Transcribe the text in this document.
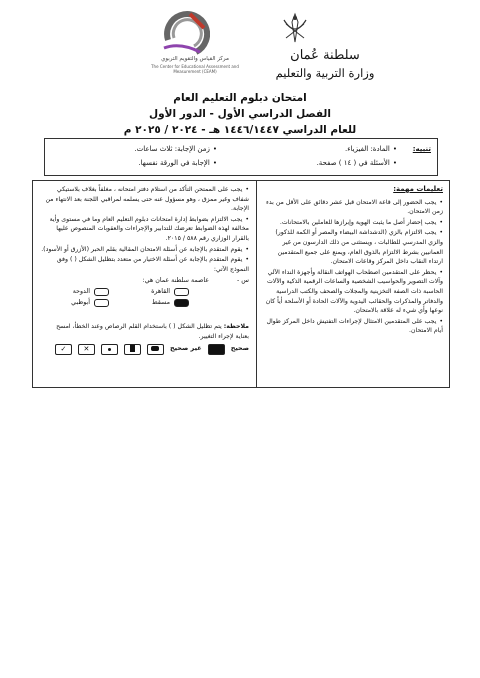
سلطنة عُمان
وزارة التربية والتعليم
مركز القياس والتقويم التربوي
The Center for Educational Assessment and Measurement (CEAM)
امتحان دبلوم التعليم العام
الفصل الدراسي الأول - الدور الأول
للعام الدراسي ١٤٤٦/١٤٤٧ هـ - ٢٠٢٤ / ٢٠٢٥ م
تنبيه:
• المادة: الفيزياء.
• الأسئلة في ( ١٤ ) صفحة.
• زمن الإجابة: ثلاث ساعات.
• الإجابة في الورقة نفسها.

تعليمات مهمة:

• يجب الحضور إلى قاعة الامتحان قبل عشر دقائق على الأقل من بدء زمن الامتحان.

• يجب إحضار أصل ما يثبت الهوية وإبرازها للعاملين بالامتحانات.

• يجب الالتزام بالزي (الدشداشة البيضاء والمصر أو الكمة للذكور) والزي المدرسي للطالبات ، ويستثنى من ذلك الدارسون من غير العمانيين بشرط الالتزام بالذوق العام، ويمنع على جميع المتقدمين ارتداء النقاب داخل المركز وقاعات الامتحان.

• يحظر على المتقدمين اصطحاب الهواتف النقالة وأجهزة النداء الآلي وآلات التصوير والحواسيب الشخصية والساعات الرقمية الذكية والآلات الحاسبة ذات الصفة التخزينية والمجلات والصحف والكتب الدراسية والدفاتر والمذكرات والحقائب اليدوية والآلات الحادة أو الأسلحة أياً كان نوعها وأي شيء له علاقة بالامتحان.

• يجب على المتقدمين الامتثال لإجراءات التفتيش داخل المركز طوال أيام الامتحان.

• يجب على الممتحن التأكد من استلام دفتر امتحانه ، مغلفاً بغلاف بلاستيكي شفاف وغير ممزق ، وهو مسؤول عنه حتى يسلمه لمراقبي اللجنة بعد الانتهاء من الإجابة.

• يجب الالتزام بضوابط إدارة امتحانات دبلوم التعليم العام وما في مستوى وأية مخالفة لهذه الضوابط تعرضك للتدابير والإجراءات والعقوبات المنصوص عليها بالقرار الوزاري رقم ٥٨٨ / ٢٠١٥.

• يقوم المتقدم بالإجابة عن أسئلة الامتحان المقالية بقلم الحبر (الأزرق أو الأسود).

• يقوم المتقدم بالإجابة عن أسئلة الاختيار من متعدد بتظليل الشكل ( ) وفق النموذج الآتي:

س -
عاصمة سلطنة عمان هي:
القاهرة
مسقط
الدوحة
أبوظبي

ملاحظة: يتم تظليل الشكل ( ) باستخدام القلم الرصاص وعند الخطأ، امسح بعناية لإجراء التغيير.

صحيح
غير صحيح
✕
✓
